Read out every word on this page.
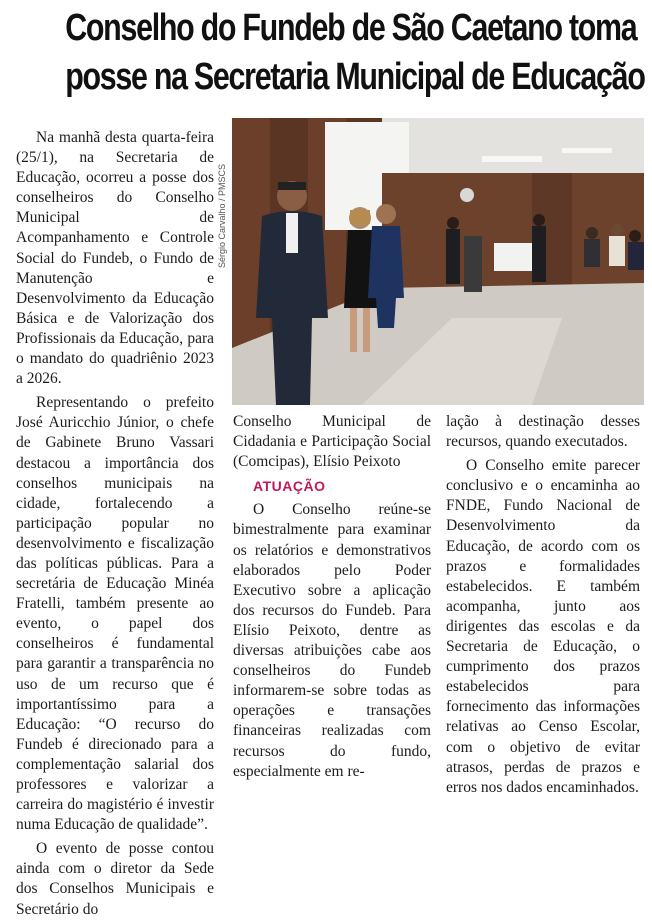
Conselho do Fundeb de São Caetano toma
posse na Secretaria Municipal de Educação
Sérgio Carvalho / PMSCS

Na manhã desta quarta-feira (25/1), na Secretaria de Educação, ocorreu a posse dos conselheiros do Conselho Municipal de Acompanhamento e Controle Social do Fundeb, o Fundo de Manutenção e Desenvolvimento da Educação Básica e de Valorização dos Profissionais da Educação, para o mandato do quadriênio 2023 a 2026.

Representando o prefeito José Auricchio Júnior, o chefe de Gabinete Bruno Vassari destacou a importância dos conselhos municipais na cidade, fortalecendo a participação popular no desenvolvimento e fiscalização das políticas públicas. Para a secretária de Educação Minéa Fratelli, também presente ao evento, o papel dos conselheiros é fundamental para garantir a transparência no uso de um recurso que é importantíssimo para a Educação: “O recurso do Fundeb é direcionado para a complementação salarial dos professores e valorizar a carreira do magistério é investir numa Educação de qualidade”.

O evento de posse contou ainda com o diretor da Sede dos Conselhos Municipais e Secretário do

Conselho Municipal de Cidadania e Participação Social (Comcipas), Elísio Peixoto

ATUAÇÃO

O Conselho reúne-se bimestralmente para examinar os relatórios e demonstrativos elaborados pelo Poder Executivo sobre a aplicação dos recursos do Fundeb. Para Elísio Peixoto, dentre as diversas atribuições cabe aos conselheiros do Fundeb informarem-se sobre todas as operações e transações financeiras realizadas com recursos do fundo, especialmente em re-

lação à destinação desses recursos, quando executados.

O Conselho emite parecer conclusivo e o encaminha ao FNDE, Fundo Nacional de Desenvolvimento da Educação, de acordo com os prazos e formalidades estabelecidos. E também acompanha, junto aos dirigentes das escolas e da Secretaria de Educação, o cumprimento dos prazos estabelecidos para fornecimento das informações relativas ao Censo Escolar, com o objetivo de evitar atrasos, perdas de prazos e erros nos dados encaminhados.
